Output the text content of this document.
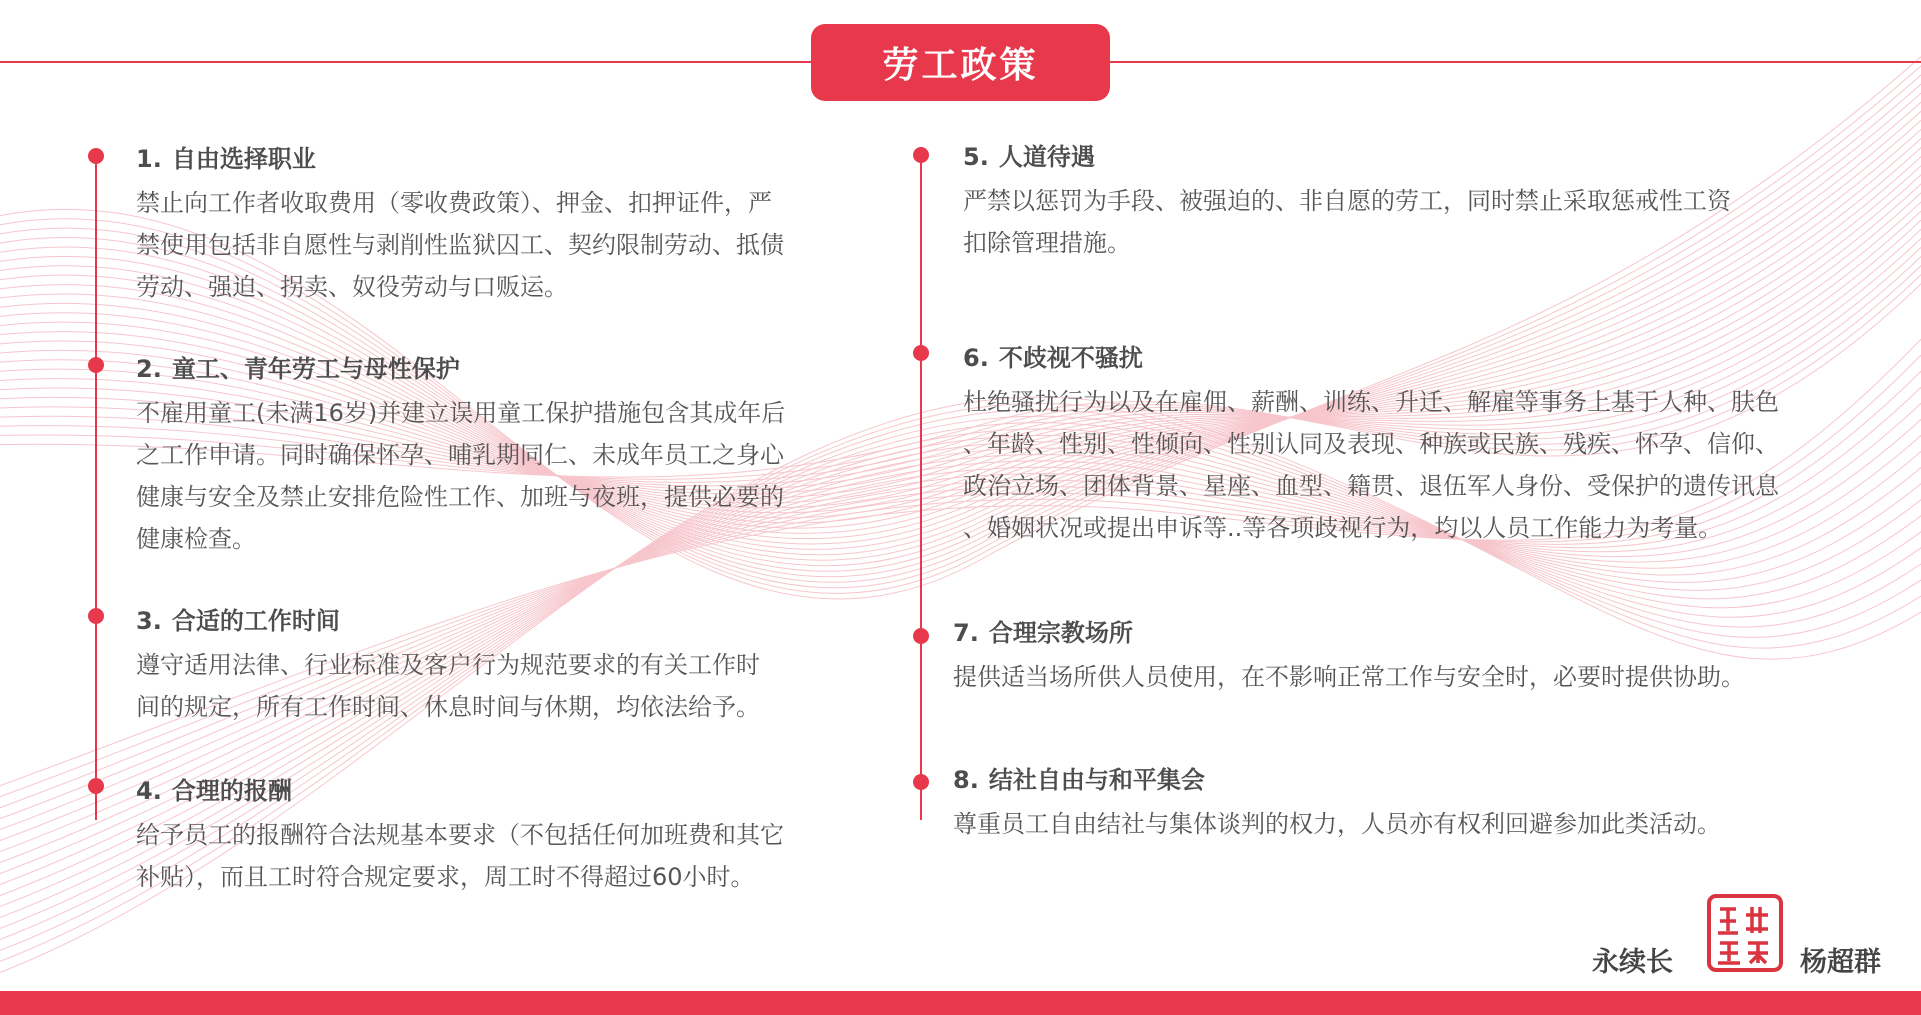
劳工政策
1. 自由选择职业

禁止向工作者收取费用（零收费政策）、押金、扣押证件，严
禁使用包括非自愿性与剥削性监狱囚工、契约限制劳动、抵债
劳动、强迫、拐卖、奴役劳动与口贩运。

2. 童工、青年劳工与母性保护

不雇用童工(未满16岁)并建立误用童工保护措施包含其成年后
之工作申请。同时确保怀孕、哺乳期同仁、未成年员工之身心
健康与安全及禁止安排危险性工作、加班与夜班，提供必要的
健康检查。

3. 合适的工作时间

遵守适用法律、行业标准及客户行为规范要求的有关工作时
间的规定，所有工作时间、休息时间与休期，均依法给予。

4. 合理的报酬

给予员工的报酬符合法规基本要求（不包括任何加班费和其它
补贴），而且工时符合规定要求，周工时不得超过60小时。

5. 人道待遇

严禁以惩罚为手段、被强迫的、非自愿的劳工，同时禁止采取惩戒性工资
扣除管理措施。

6. 不歧视不骚扰

杜绝骚扰行为以及在雇佣、薪酬、训练、升迁、解雇等事务上基于人种、肤色
、年龄、性别、性倾向、性别认同及表现、种族或民族、残疾、怀孕、信仰、
政治立场、团体背景、星座、血型、籍贯、退伍军人身份、受保护的遗传讯息
、婚姻状况或提出申诉等..等各项歧视行为，均以人员工作能力为考量。

7. 合理宗教场所

提供适当场所供人员使用，在不影响正常工作与安全时，必要时提供协助。

8. 结社自由与和平集会

尊重员工自由结社与集体谈判的权力，人员亦有权利回避参加此类活动。

永续长	杨超群
